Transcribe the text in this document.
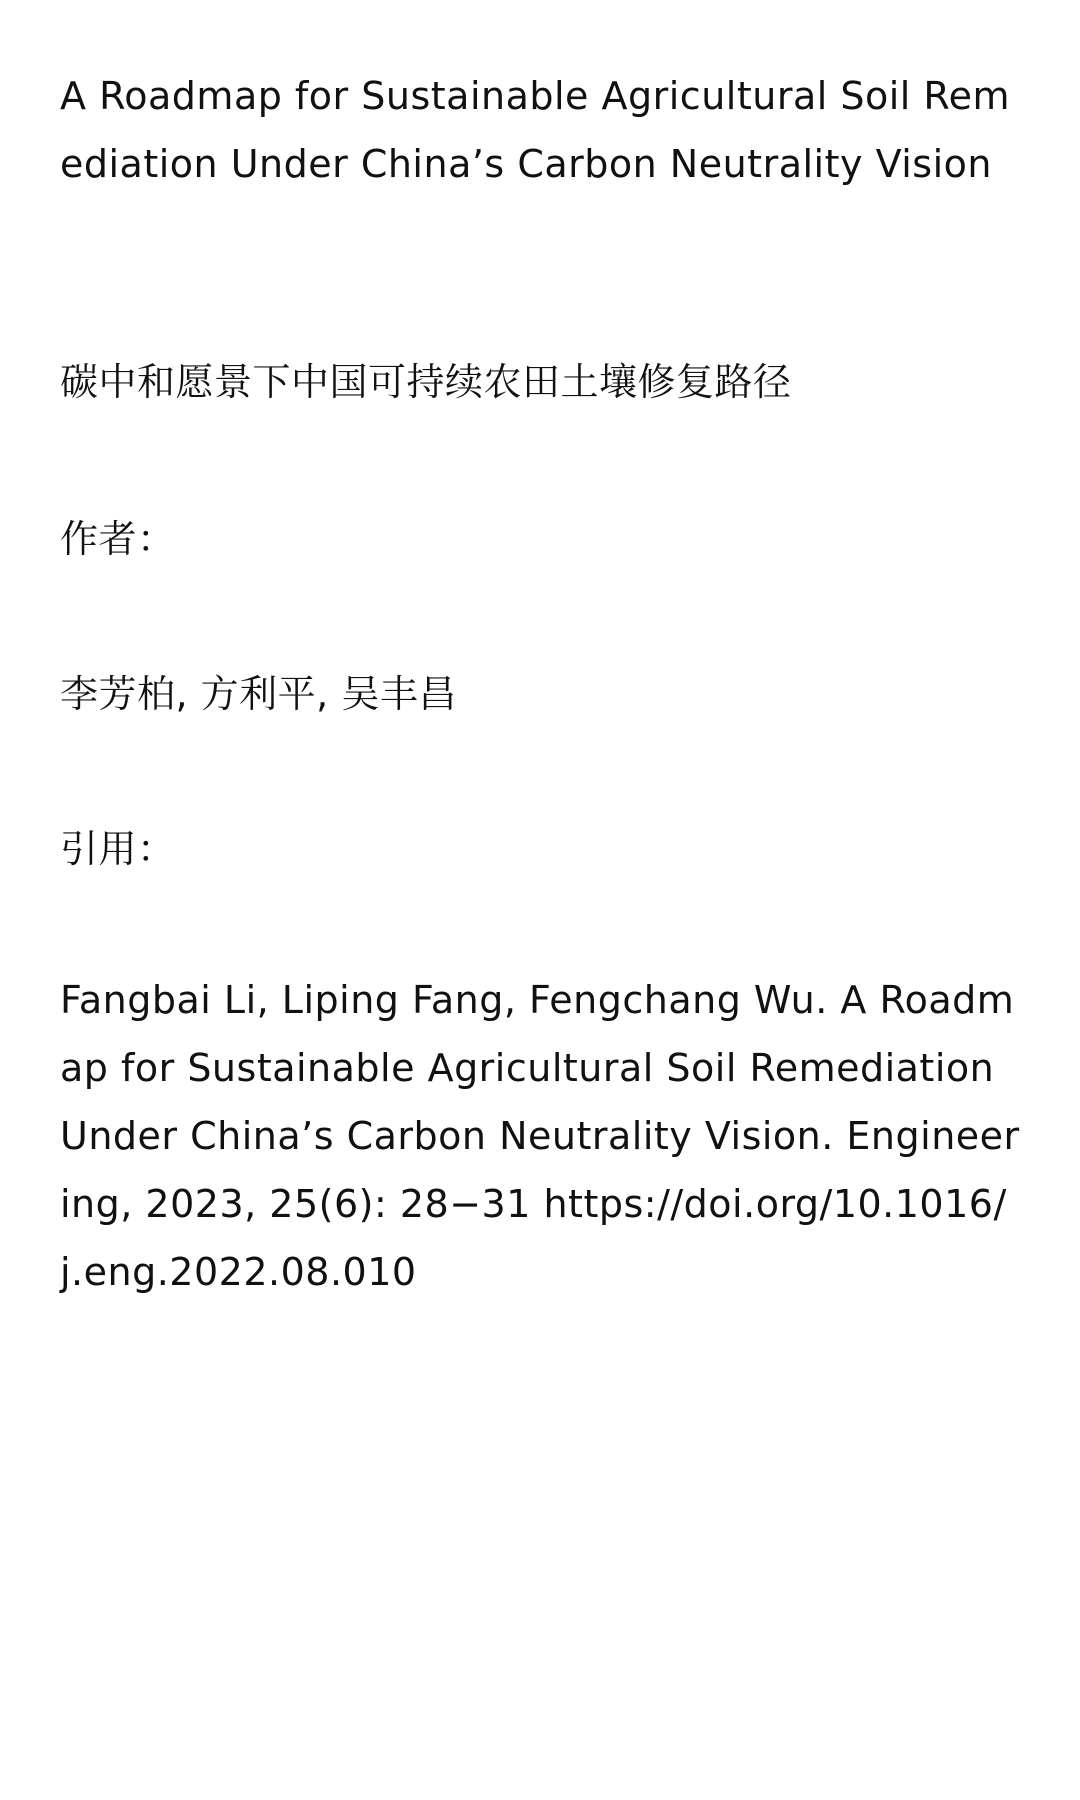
A Roadmap for Sustainable Agricultural Soil Remediation Under China’s Carbon Neutrality Vision

碳中和愿景下中国可持续农田土壤修复路径

作者：

李芳柏, 方利平, 吴丰昌

引用：

Fangbai Li, Liping Fang, Fengchang Wu. A Roadmap for Sustainable Agricultural Soil Remediation Under China’s Carbon Neutrality Vision. Engineering, 2023, 25(6): 28−31 https://doi.org/10.1016/j.eng.2022.08.010
